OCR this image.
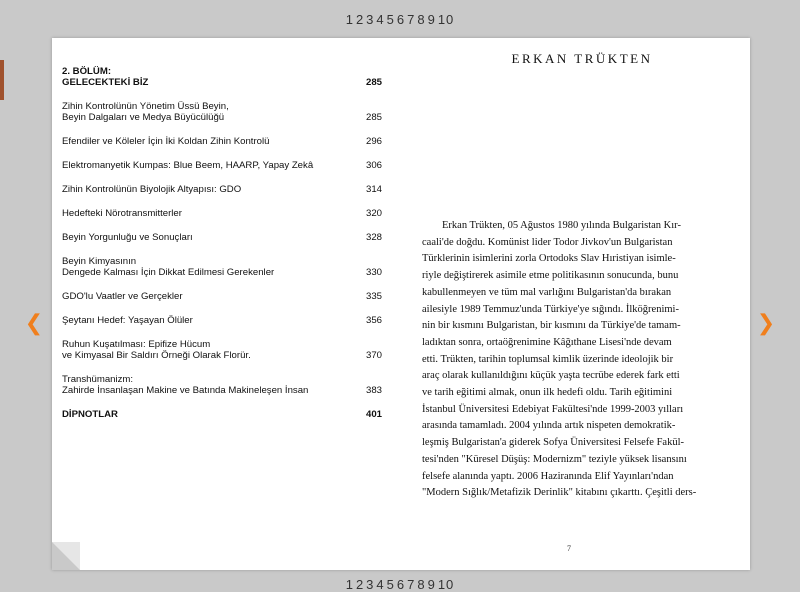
1 2 3 4 5 6 7 8 9 10
❮	❯
2. BÖLÜM:
GELECEKTEKİ BİZ	285
Zihin Kontrolünün Yönetim Üssü Beyin,
Beyin Dalgaları ve Medya Büyücülüğü	285
Efendiler ve Köleler İçin İki Koldan Zihin Kontrolü	296
Elektromanyetik Kumpas: Blue Beem, HAARP, Yapay Zekâ	306
Zihin Kontrolünün Biyolojik Altyapısı: GDO	314
Hedefteki Nörotransmitterler	320
Beyin Yorgunluğu ve Sonuçları	328
Beyin Kimyasının
Dengede Kalması İçin Dikkat Edilmesi Gerekenler	330
GDO'lu Vaatler ve Gerçekler	335
Şeytanı Hedef: Yaşayan Ölüler	356
Ruhun Kuşatılması: Epifize Hücum
ve Kimyasal Bir Saldırı Örneği Olarak Florür.	370
Transhümanizm:
Zahirde İnsanlaşan Makine ve Batında Makineleşen İnsan	383
DİPNOTLAR	401
ERKAN TRÜKTEN
Erkan Trükten, 05 Ağustos 1980 yılında Bulgaristan Kır-
caali'de doğdu. Komünist lider Todor Jivkov'un Bulgaristan
Türklerinin isimlerini zorla Ortodoks Slav Hıristiyan isimle-
riyle değiştirerek asimile etme politikasının sonucunda, bunu
kabullenmeyen ve tüm mal varlığını Bulgaristan'da bırakan
ailesiyle 1989 Temmuz'unda Türkiye'ye sığındı. İlköğrenimi-
nin bir kısmını Bulgaristan, bir kısmını da Türkiye'de tamam-
ladıktan sonra, ortaöğrenimine Kâğıthane Lisesi'nde devam
etti. Trükten, tarihin toplumsal kimlik üzerinde ideolojik bir
araç olarak kullanıldığını küçük yaşta tecrübe ederek fark etti
ve tarih eğitimi almak, onun ilk hedefi oldu. Tarih eğitimini
İstanbul Üniversitesi Edebiyat Fakültesi'nde 1999-2003 yılları
arasında tamamladı. 2004 yılında artık nispeten demokratik-
leşmiş Bulgaristan'a giderek Sofya Üniversitesi Felsefe Fakül-
tesi'nden "Küresel Düşüş: Modernizm" teziyle yüksek lisansını
felsefe alanında yaptı. 2006 Haziranında Elif Yayınları'ndan
"Modern Sığlık/Metafizik Derinlik" kitabını çıkarttı. Çeşitli ders-
7
1 2 3 4 5 6 7 8 9 10
